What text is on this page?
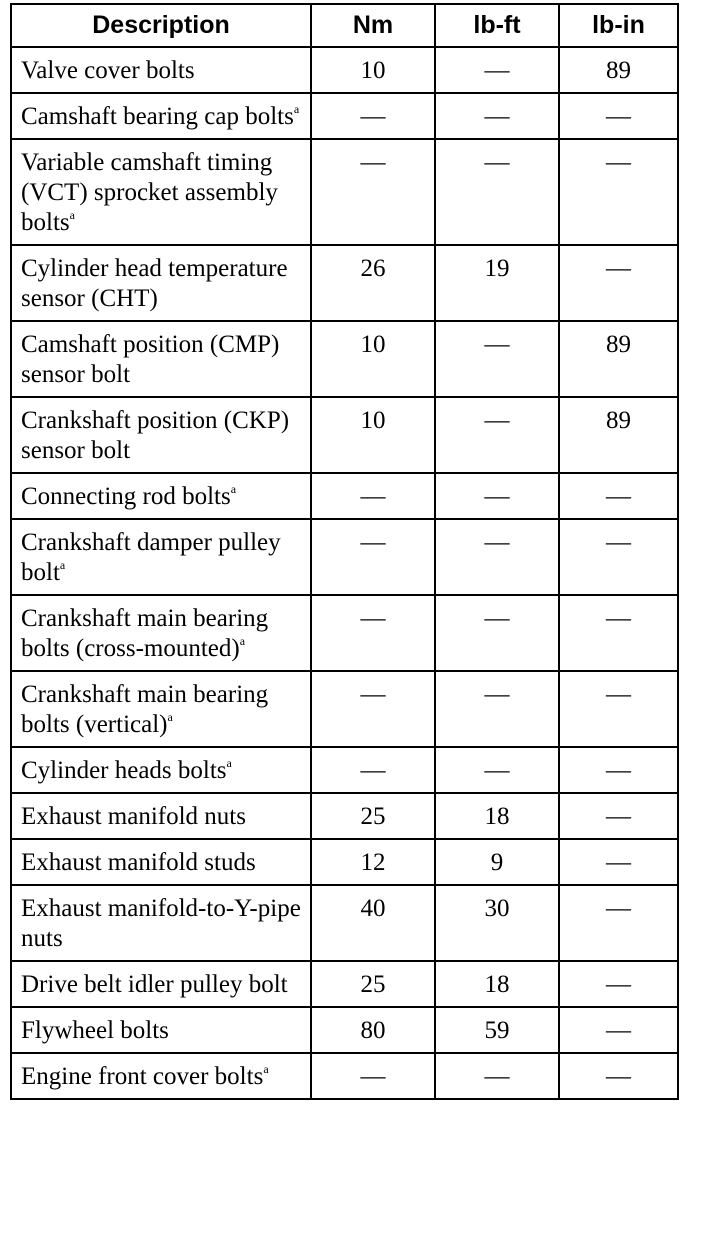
Description	Nm	lb-ft	lb-in
Valve cover bolts	10	—	89
Camshaft bearing cap bolts$^a$	—	—	—
Variable camshaft timing (VCT) sprocket assembly bolts$^a$	—	—	—
Cylinder head temperature sensor (CHT)	26	19	—
Camshaft position (CMP) sensor bolt	10	—	89
Crankshaft position (CKP) sensor bolt	10	—	89
Connecting rod bolts$^a$	—	—	—
Crankshaft damper pulley bolt$^a$	—	—	—
Crankshaft main bearing bolts (cross-mounted)$^a$	—	—	—
Crankshaft main bearing bolts (vertical)$^a$	—	—	—
Cylinder heads bolts$^a$	—	—	—
Exhaust manifold nuts	25	18	—
Exhaust manifold studs	12	9	—
Exhaust manifold-to-Y-pipe nuts	40	30	—
Drive belt idler pulley bolt	25	18	—
Flywheel bolts	80	59	—
Engine front cover bolts$^a$	—	—	—
